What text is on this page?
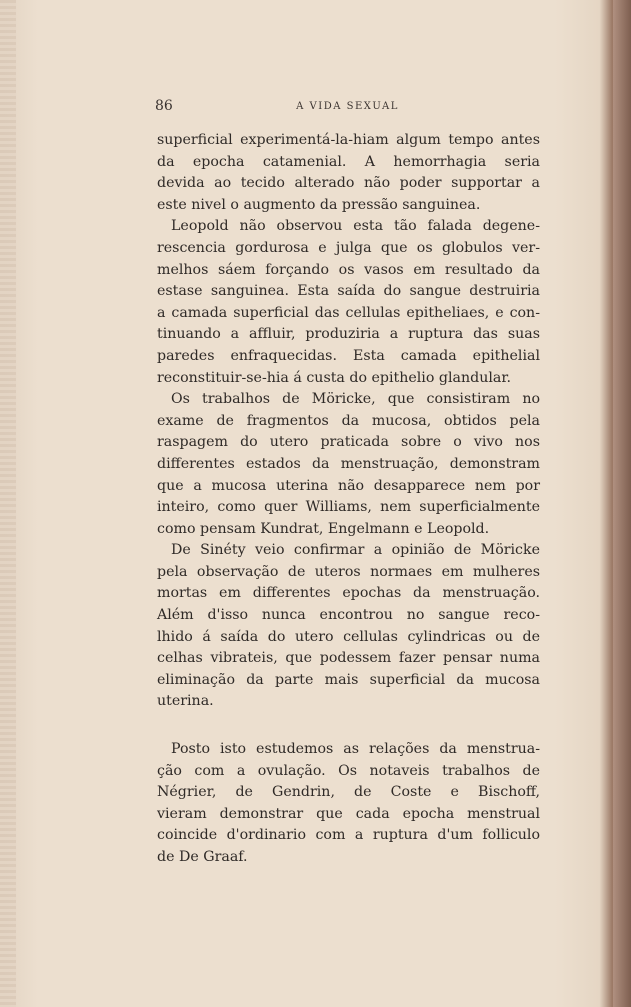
86	A VIDA SEXUAL

superficial experimentá-la-hiam algum tempo antes
da epocha catamenial. A hemorrhagia seria
devida ao tecido alterado não poder supportar a
este nivel o augmento da pressão sanguinea.

Leopold não observou esta tão falada degene-
rescencia gordurosa e julga que os globulos ver-
melhos sáem forçando os vasos em resultado da
estase sanguinea. Esta saída do sangue destruiria
a camada superficial das cellulas epitheliaes, e con-
tinuando a affluir, produziria a ruptura das suas
paredes enfraquecidas. Esta camada epithelial
reconstituir-se-hia á custa do epithelio glandular.

Os trabalhos de Möricke, que consistiram no
exame de fragmentos da mucosa, obtidos pela
raspagem do utero praticada sobre o vivo nos
differentes estados da menstruação, demonstram
que a mucosa uterina não desapparece nem por
inteiro, como quer Williams, nem superficialmente
como pensam Kundrat, Engelmann e Leopold.

De Sinéty veio confirmar a opinião de Möricke
pela observação de uteros normaes em mulheres
mortas em differentes epochas da menstruação.
Além d'isso nunca encontrou no sangue reco-
lhido á saída do utero cellulas cylindricas ou de
celhas vibrateis, que podessem fazer pensar numa
eliminação da parte mais superficial da mucosa
uterina.

Posto isto estudemos as relações da menstrua-
ção com a ovulação. Os notaveis trabalhos de
Négrier, de Gendrin, de Coste e Bischoff,
vieram demonstrar que cada epocha menstrual
coincide d'ordinario com a ruptura d'um folliculo
de De Graaf.
